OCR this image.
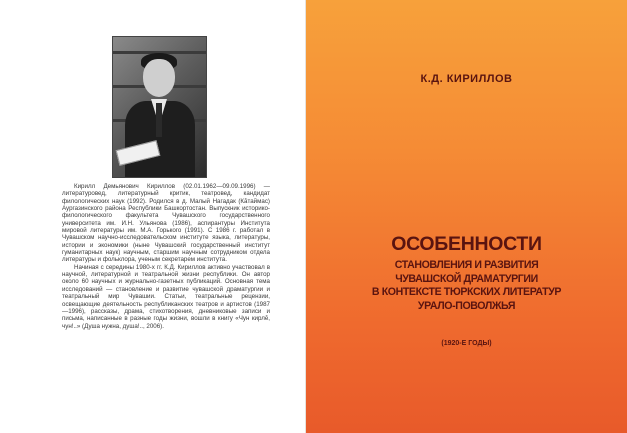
Кирилл Демьянович Кириллов (02.01.1962—09.09.1996) — литературовед, литературный критик, театровед, кандидат филологических наук (1992). Родился в д. Малый Нагадак (Кăтаймас) Аургазинского района Республики Башкортостан. Выпускник историко-филологического факультета Чувашского государственного университета им. И.Н. Ульянова (1986), аспирантуры Института мировой литературы им. М.А. Горького (1991). С 1986 г. работал в Чувашском научно-исследовательском институте языка, литературы, истории и экономики (ныне Чувашский государственный институт гуманитарных наук) научным, старшим научным сотрудником отдела литературы и фольклора, ученым секретарем института.

Начиная с середины 1980-х гг. К.Д. Кириллов активно участвовал в научной, литературной и театральной жизни республики. Он автор около 60 научных и журнально-газетных публикаций. Основная тема исследований — становление и развитие чувашской драматургии и театральный мир Чувашии. Статьи, театральные рецензии, освещающие деятельность республиканских театров и артистов (1987—1996), рассказы, драма, стихотворения, дневниковые записи и письма, написанные в разные годы жизни, вошли в книгу «Чун кирлĕ, чун!..» (Душа нужна, душа!.., 2006).

К.Д. КИРИЛЛОВ
ОСОБЕННОСТИ
СТАНОВЛЕНИЯ И РАЗВИТИЯ
ЧУВАШСКОЙ ДРАМАТУРГИИ
В КОНТЕКСТЕ ТЮРКСКИХ ЛИТЕРАТУР
УРАЛО-ПОВОЛЖЬЯ
(1920-Е ГОДЫ)
